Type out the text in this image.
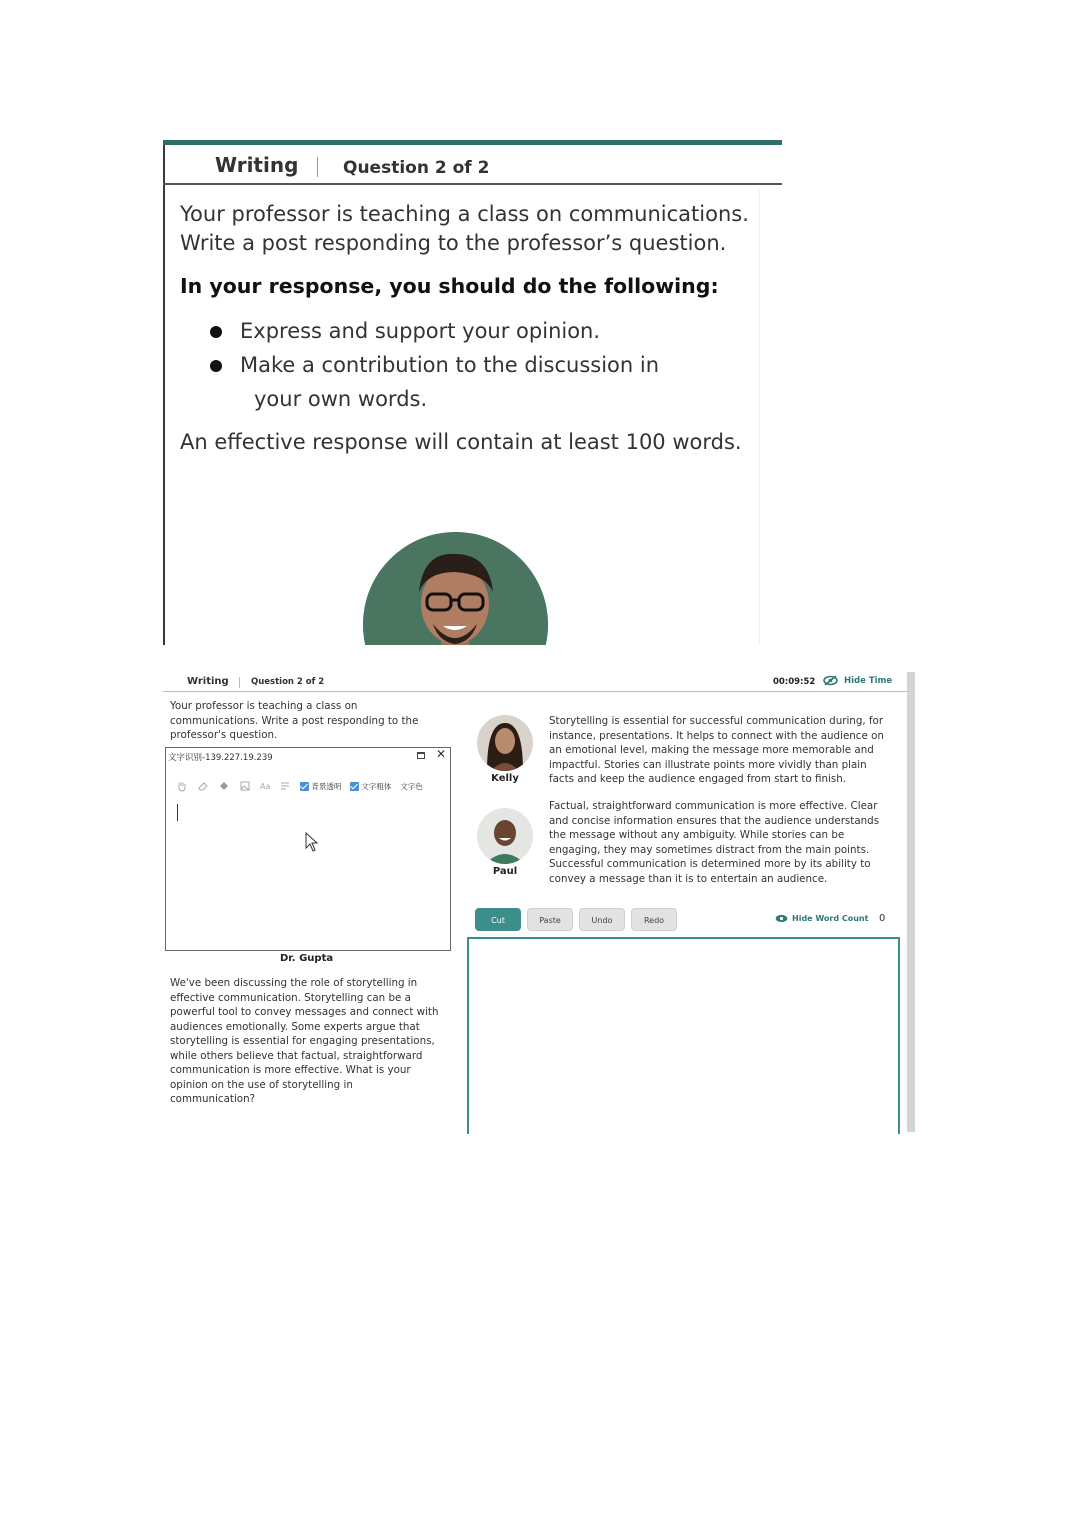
Writing	Question 2 of 2

Your professor is teaching a class on communications. Write a post responding to the professor’s question.

In your response, you should do the following:

Express and support your opinion.
Make a contribution to the discussion in
your own words.

An effective response will contain at least 100 words.

Writing	Question 2 of 2	00:09:52	Hide Time

Your professor is teaching a class on communications. Write a post responding to the professor's question.

文字识别-139.227.19.239	✕
Aa	背景透明	文字粗体 文字色
Dr. Gupta

We've been discussing the role of storytelling in effective communication. Storytelling can be a powerful tool to convey messages and connect with audiences emotionally. Some experts argue that storytelling is essential for engaging presentations, while others believe that factual, straightforward communication is more effective. What is your opinion on the use of storytelling in communication?

Kelly

Storytelling is essential for successful communication during, for instance, presentations. It helps to connect with the audience on an emotional level, making the message more memorable and impactful. Stories can illustrate points more vividly than plain facts and keep the audience engaged from start to finish.

Paul

Factual, straightforward communication is more effective. Clear and concise information ensures that the audience understands the message without any ambiguity. While stories can be engaging, they may sometimes distract from the main points. Successful communication is determined more by its ability to convey a message than it is to entertain an audience.

Cut	Paste	Undo	Redo	Hide Word Count 0
